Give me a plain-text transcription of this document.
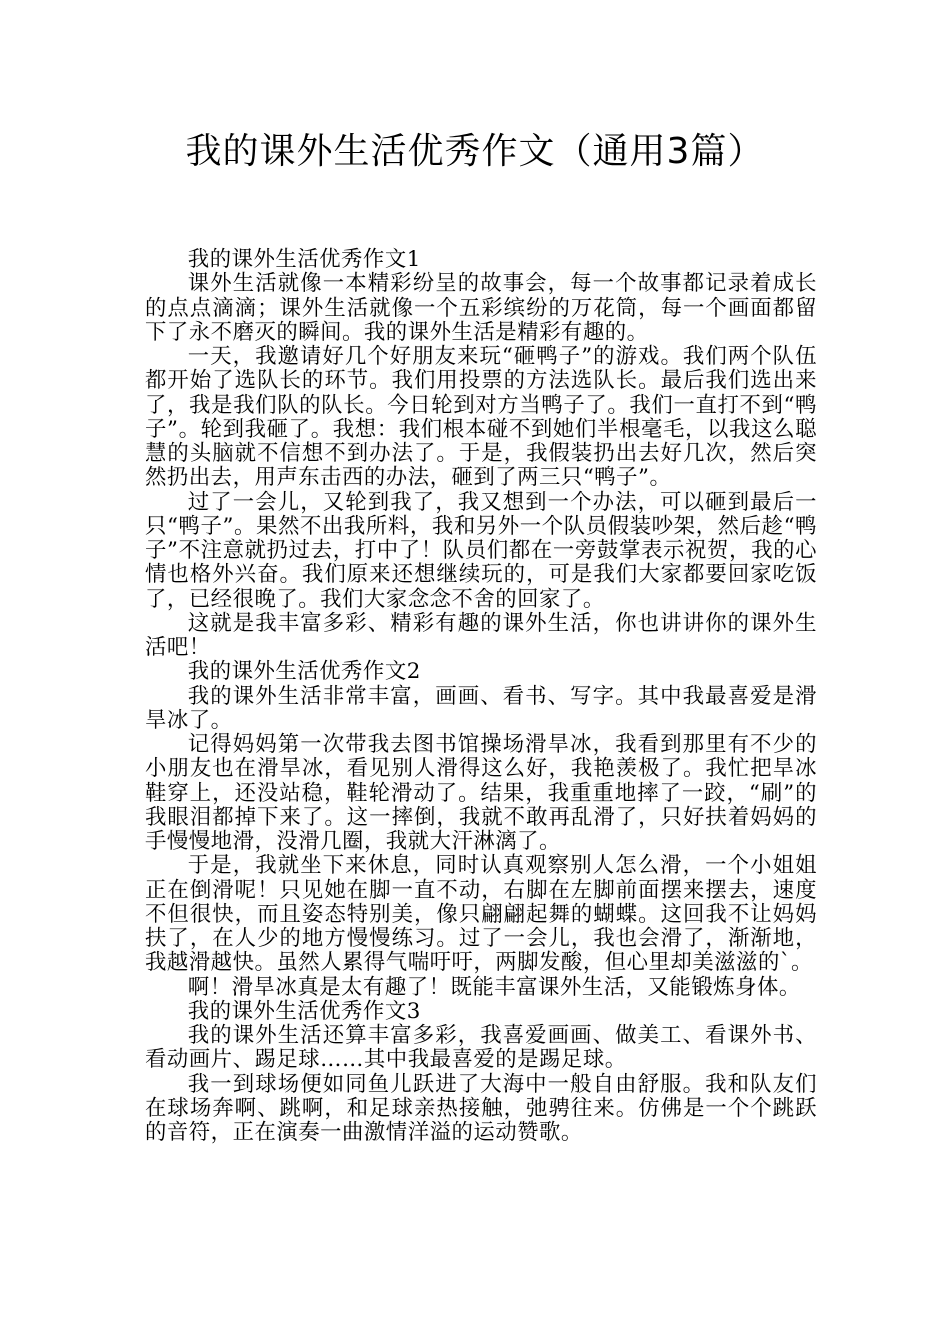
我的课外生活优秀作文（通用3篇）

我的课外生活优秀作文1

课外生活就像一本精彩纷呈的故事会，每一个故事都记录着成长的点点滴滴；课外生活就像一个五彩缤纷的万花筒，每一个画面都留下了永不磨灭的瞬间。我的课外生活是精彩有趣的。

一天，我邀请好几个好朋友来玩“砸鸭子”的游戏。我们两个队伍都开始了选队长的环节。我们用投票的方法选队长。最后我们选出来了，我是我们队的队长。今日轮到对方当鸭子了。我们一直打不到“鸭子”。轮到我砸了。我想：我们根本碰不到她们半根毫毛，以我这么聪慧的头脑就不信想不到办法了。于是，我假装扔出去好几次，然后突然扔出去，用声东击西的办法，砸到了两三只“鸭子”。

过了一会儿，又轮到我了，我又想到一个办法，可以砸到最后一只“鸭子”。果然不出我所料，我和另外一个队员假装吵架，然后趁“鸭子”不注意就扔过去，打中了！队员们都在一旁鼓掌表示祝贺，我的心情也格外兴奋。我们原来还想继续玩的，可是我们大家都要回家吃饭了，已经很晚了。我们大家念念不舍的回家了。

这就是我丰富多彩、精彩有趣的课外生活，你也讲讲你的课外生活吧！

我的课外生活优秀作文2

我的课外生活非常丰富，画画、看书、写字。其中我最喜爱是滑旱冰了。

记得妈妈第一次带我去图书馆操场滑旱冰，我看到那里有不少的小朋友也在滑旱冰，看见别人滑得这么好，我艳羡极了。我忙把旱冰鞋穿上，还没站稳，鞋轮滑动了。结果，我重重地摔了一跤，“刷”的我眼泪都掉下来了。这一摔倒，我就不敢再乱滑了，只好扶着妈妈的手慢慢地滑，没滑几圈，我就大汗淋漓了。

于是，我就坐下来休息，同时认真观察别人怎么滑，一个小姐姐正在倒滑呢！只见她在脚一直不动，右脚在左脚前面摆来摆去，速度不但很快，而且姿态特别美，像只翩翩起舞的蝴蝶。这回我不让妈妈扶了，在人少的地方慢慢练习。过了一会儿，我也会滑了，渐渐地，我越滑越快。虽然人累得气喘吁吁，两脚发酸，但心里却美滋滋的`。

啊！滑旱冰真是太有趣了！既能丰富课外生活，又能锻炼身体。

我的课外生活优秀作文3

我的课外生活还算丰富多彩，我喜爱画画、做美工、看课外书、看动画片、踢足球……其中我最喜爱的是踢足球。

我一到球场便如同鱼儿跃进了大海中一般自由舒服。我和队友们在球场奔啊、跳啊，和足球亲热接触，弛骋往来。仿佛是一个个跳跃的音符，正在演奏一曲激情洋溢的运动赞歌。
